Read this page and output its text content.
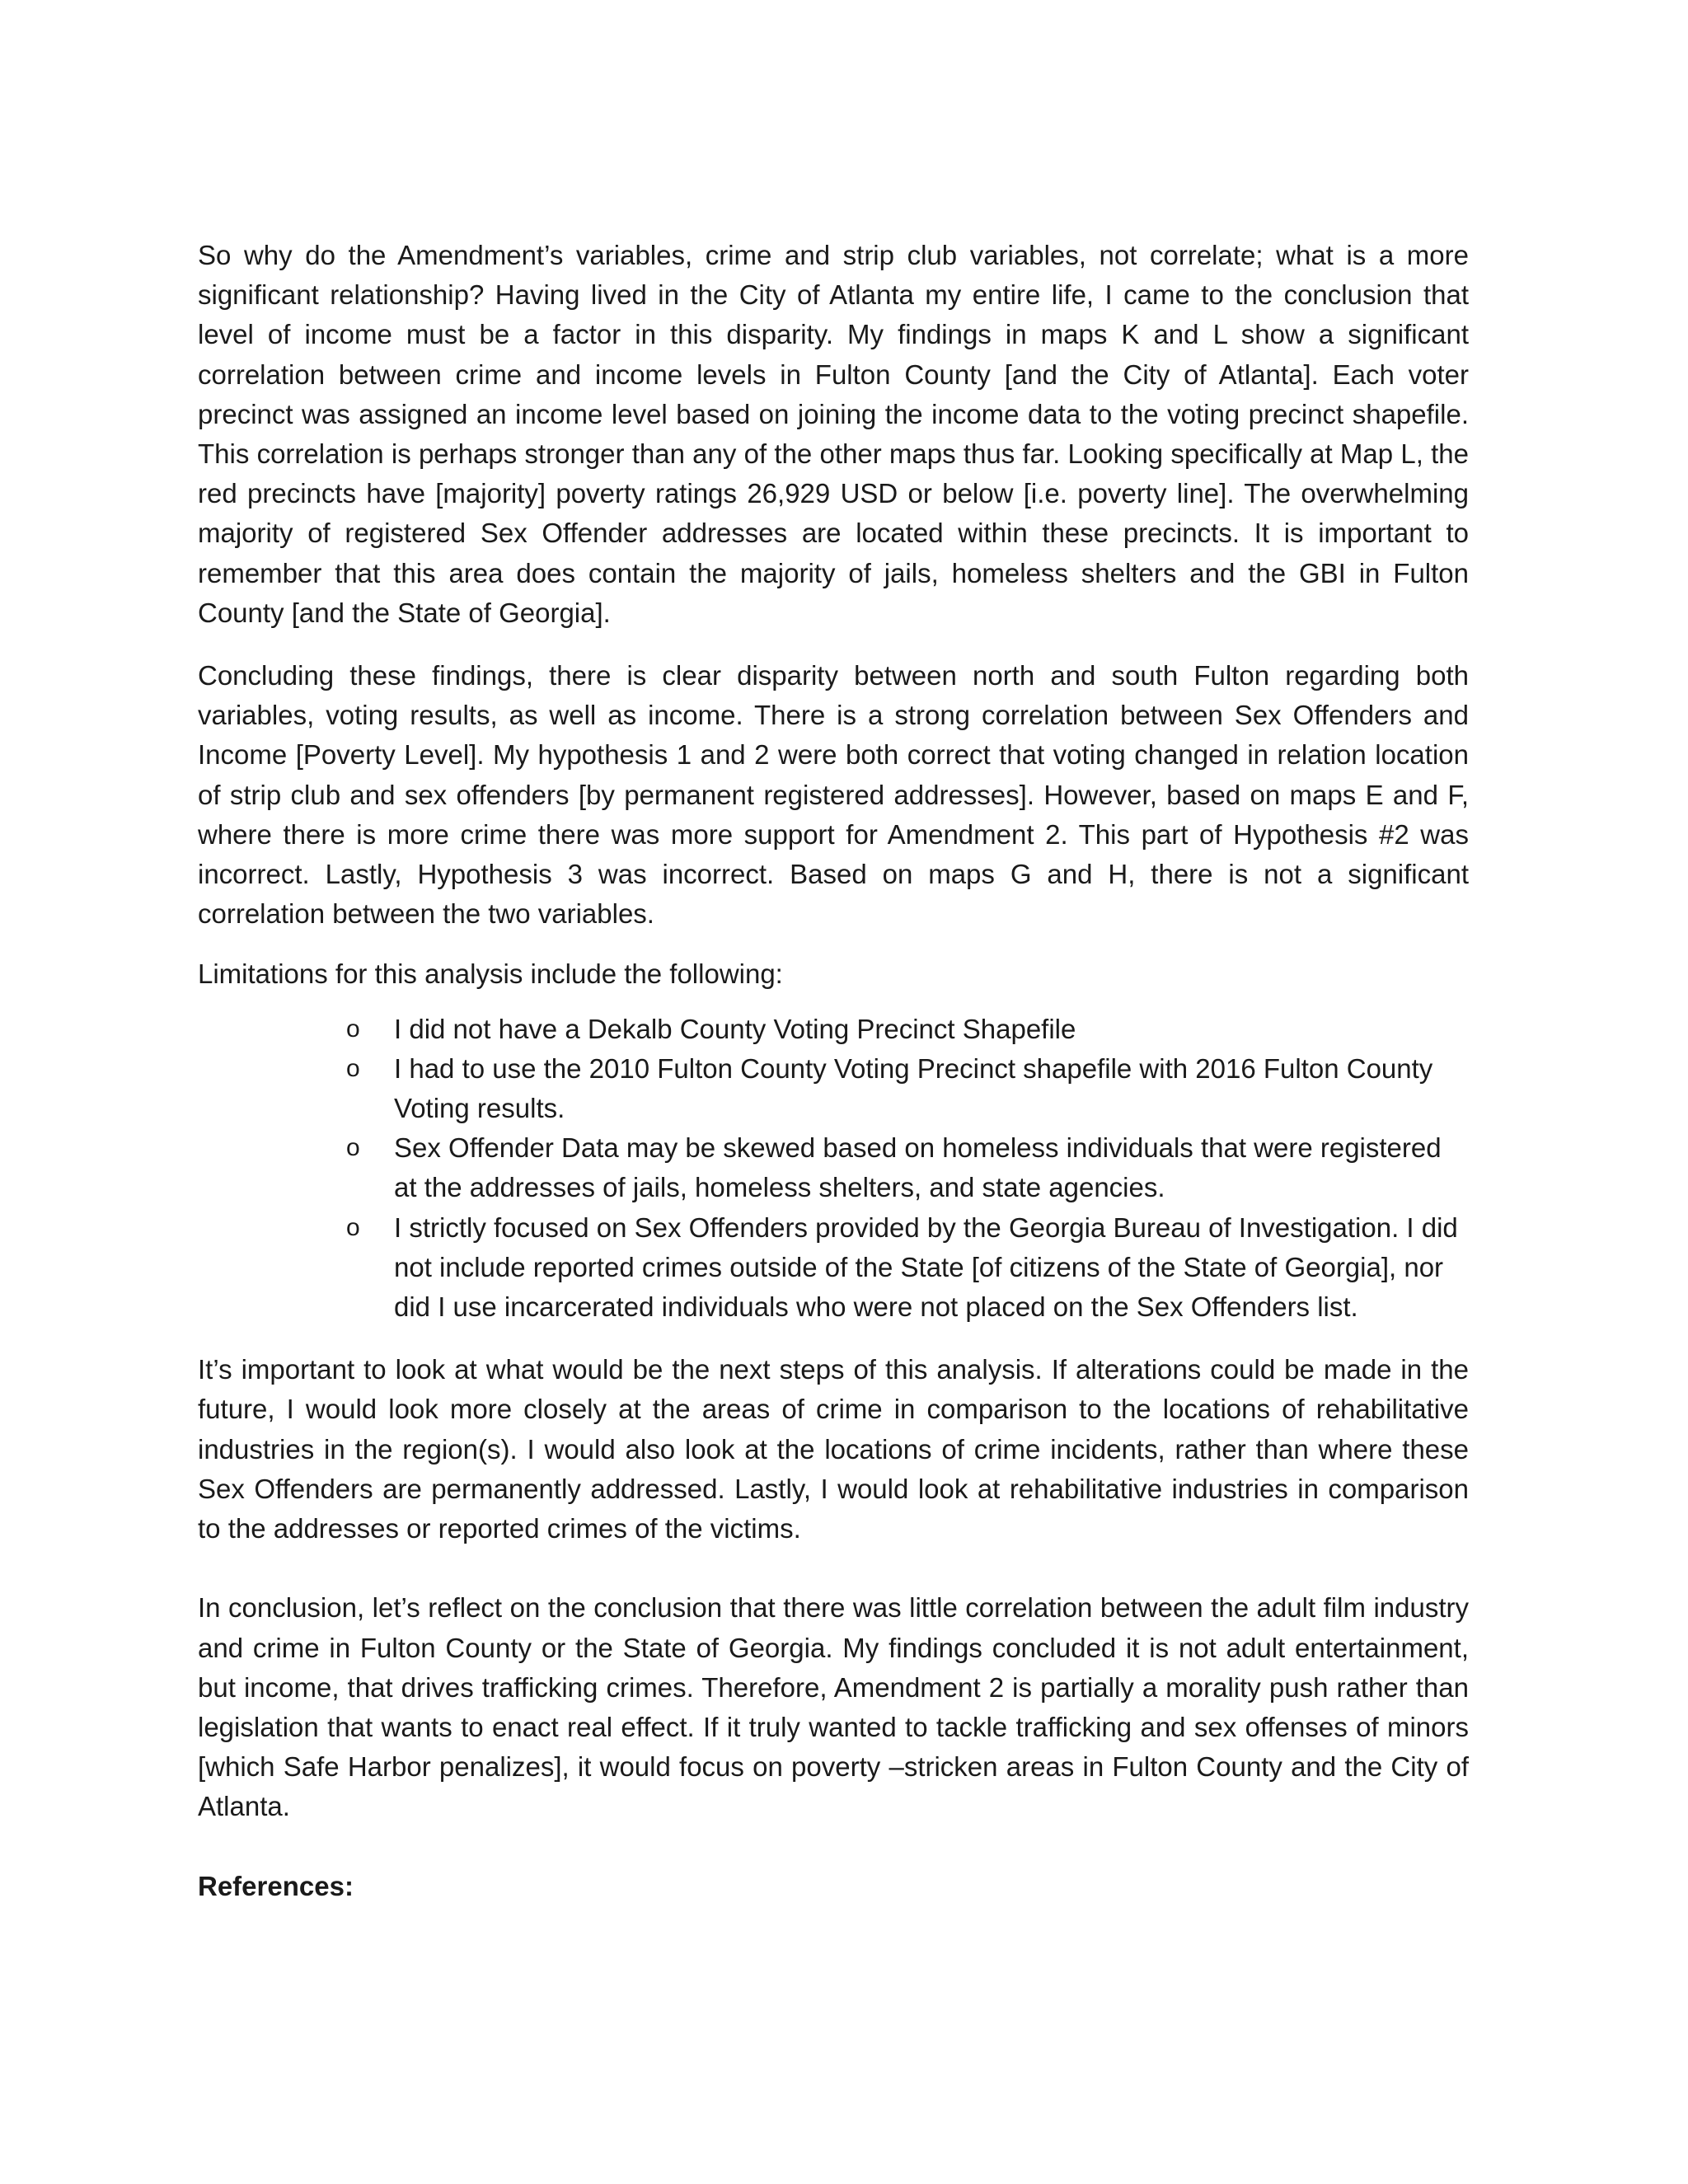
So why do the Amendment’s variables, crime and strip club variables, not correlate; what is a more significant relationship? Having lived in the City of Atlanta my entire life, I came to the conclusion that level of income must be a factor in this disparity. My findings in maps K and L show a significant correlation between crime and income levels in Fulton County [and the City of Atlanta]. Each voter precinct was assigned an income level based on joining the income data to the voting precinct shapefile. This correlation is perhaps stronger than any of the other maps thus far. Looking specifically at Map L, the red precincts have [majority] poverty ratings 26,929 USD or below [i.e. poverty line]. The overwhelming majority of registered Sex Offender addresses are located within these precincts. It is important to remember that this area does contain the majority of jails, homeless shelters and the GBI in Fulton County [and the State of Georgia].

Concluding these findings, there is clear disparity between north and south Fulton regarding both variables, voting results, as well as income. There is a strong correlation between Sex Offenders and Income [Poverty Level]. My hypothesis 1 and 2 were both correct that voting changed in relation location of strip club and sex offenders [by permanent registered addresses]. However, based on maps E and F, where there is more crime there was more support for Amendment 2. This part of Hypothesis #2 was incorrect. Lastly, Hypothesis 3 was incorrect. Based on maps G and H, there is not a significant correlation between the two variables.

Limitations for this analysis include the following:

o	I did not have a Dekalb County Voting Precinct Shapefile
o	I had to use the 2010 Fulton County Voting Precinct shapefile with 2016 Fulton County Voting results.
o	Sex Offender Data may be skewed based on homeless individuals that were registered at the addresses of jails, homeless shelters, and state agencies.
o	I strictly focused on Sex Offenders provided by the Georgia Bureau of Investigation. I did not include reported crimes outside of the State [of citizens of the State of Georgia], nor did I use incarcerated individuals who were not placed on the Sex Offenders list.

It’s important to look at what would be the next steps of this analysis. If alterations could be made in the future, I would look more closely at the areas of crime in comparison to the locations of rehabilitative industries in the region(s). I would also look at the locations of crime incidents, rather than where these Sex Offenders are permanently addressed. Lastly, I would look at rehabilitative industries in comparison to the addresses or reported crimes of the victims.

In conclusion, let’s reflect on the conclusion that there was little correlation between the adult film industry and crime in Fulton County or the State of Georgia. My findings concluded it is not adult entertainment, but income, that drives trafficking crimes. Therefore, Amendment 2 is partially a morality push rather than legislation that wants to enact real effect. If it truly wanted to tackle trafficking and sex offenses of minors [which Safe Harbor penalizes], it would focus on poverty –stricken areas in Fulton County and the City of Atlanta.

References:
